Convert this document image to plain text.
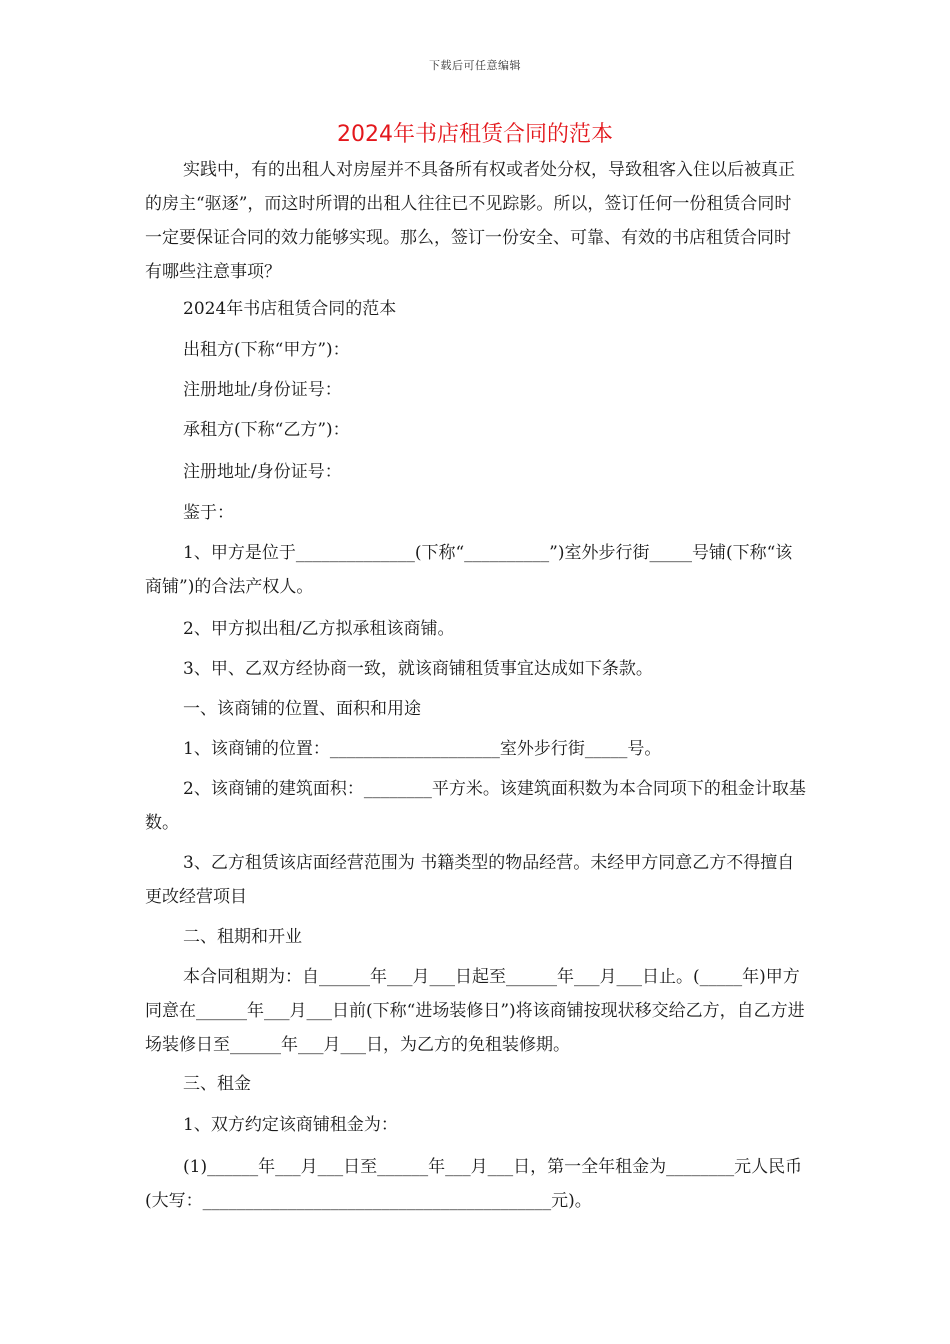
下载后可任意编辑
2024年书店租赁合同的范本

实践中，有的出租人对房屋并不具备所有权或者处分权，导致租客入住以后被真正的房主“驱逐”，而这时所谓的出租人往往已不见踪影。所以，签订任何一份租赁合同时一定要保证合同的效力能够实现。那么，签订一份安全、可靠、有效的书店租赁合同时有哪些注意事项？

2024年书店租赁合同的范本
出租方(下称“甲方”)：
注册地址/身份证号：
承租方(下称“乙方”)：
注册地址/身份证号：
鉴于：

1、甲方是位于______________(下称“__________”)室外步行街_____号铺(下称“该商铺”)的合法产权人。

2、甲方拟出租/乙方拟承租该商铺。
3、甲、乙双方经协商一致，就该商铺租赁事宜达成如下条款。
一、该商铺的位置、面积和用途
1、该商铺的位置：____________________室外步行街_____号。

2、该商铺的建筑面积：________平方米。该建筑面积数为本合同项下的租金计取基数。

3、乙方租赁该店面经营范围为 书籍类型的物品经营。未经甲方同意乙方不得擅自更改经营项目

二、租期和开业

本合同租期为：自______年___月___日起至______年___月___日止。(_____年)甲方同意在______年___月___日前(下称“进场装修日”)将该商铺按现状移交给乙方，自乙方进场装修日至______年___月___日，为乙方的免租装修期。

三、租金
1、双方约定该商铺租金为：

(1)______年___月___日至______年___月___日，第一全年租金为________元人民币(大写：_________________________________________元)。
